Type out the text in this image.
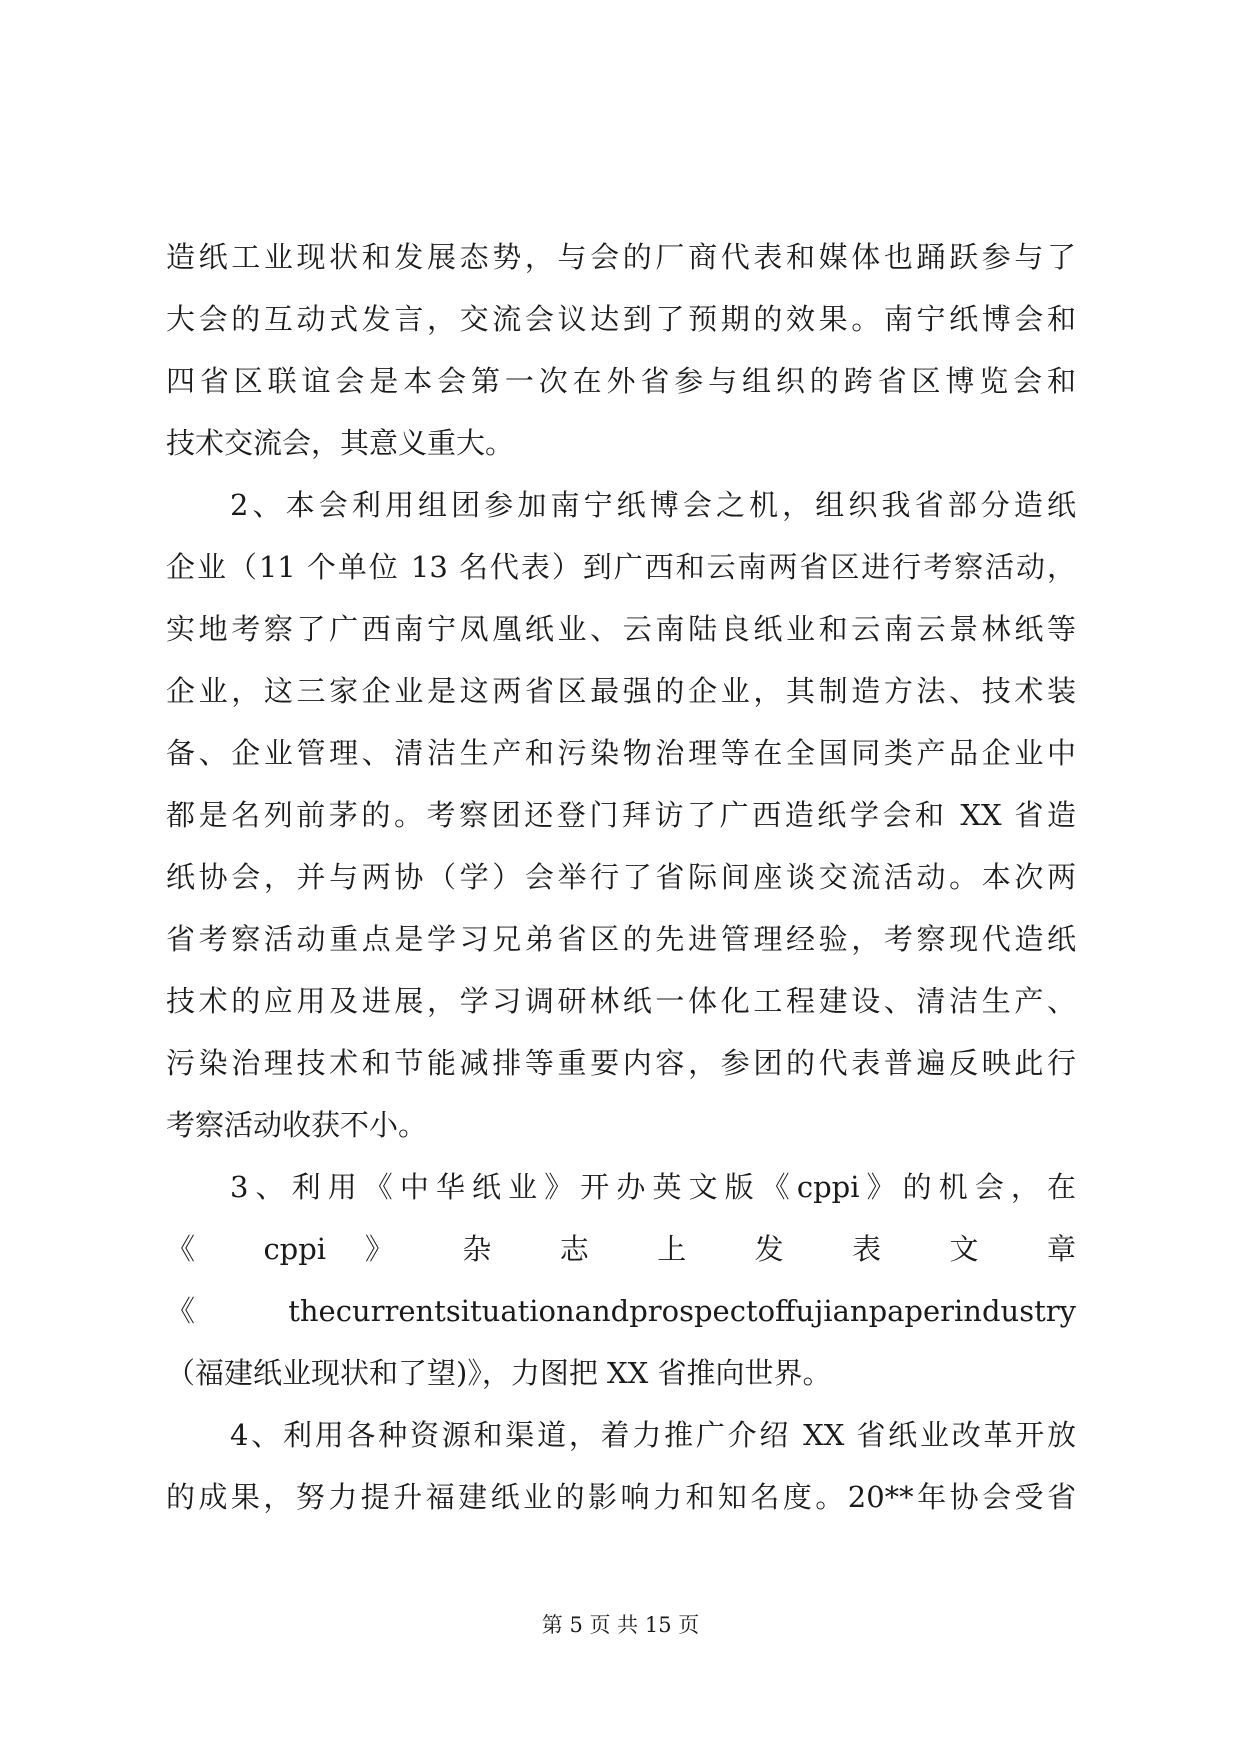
造纸工业现状和发展态势，与会的厂商代表和媒体也踊跃参与了
大会的互动式发言，交流会议达到了预期的效果。南宁纸博会和
四省区联谊会是本会第一次在外省参与组织的跨省区博览会和
技术交流会，其意义重大。
2、本会利用组团参加南宁纸博会之机，组织我省部分造纸
企业（11 个单位 13 名代表）到广西和云南两省区进行考察活动，
实地考察了广西南宁凤凰纸业、云南陆良纸业和云南云景林纸等
企业，这三家企业是这两省区最强的企业，其制造方法、技术装
备、企业管理、清洁生产和污染物治理等在全国同类产品企业中
都是名列前茅的。考察团还登门拜访了广西造纸学会和 XX 省造
纸协会，并与两协（学）会举行了省际间座谈交流活动。本次两
省考察活动重点是学习兄弟省区的先进管理经验，考察现代造纸
技术的应用及进展，学习调研林纸一体化工程建设、清洁生产、
污染治理技术和节能减排等重要内容，参团的代表普遍反映此行
考察活动收获不小。
3、利用《中华纸业》开办英文版《cppi》的机会，在
《 cppi 》 杂 志 上 发 表 文 章
《 thecurrentsituationandprospectoffujianpaperindustry
（福建纸业现状和了望)》，力图把 XX 省推向世界。
4、利用各种资源和渠道，着力推广介绍 XX 省纸业改革开放
的成果，努力提升福建纸业的影响力和知名度。20**年协会受省
第 5 页 共 15 页
